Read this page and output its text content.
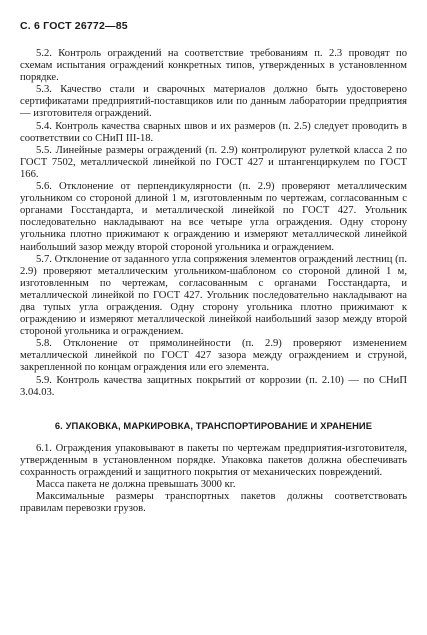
С. 6 ГОСТ 26772—85

5.2. Контроль ограждений на соответствие требованиям п. 2.3 проводят по схемам испытания ограждений конкретных типов, утвержденных в установленном порядке.

5.3. Качество стали и сварочных материалов должно быть удостоверено сертификатами предприятий-поставщиков или по данным лаборатории предприятия — изготовителя ограждений.

5.4. Контроль качества сварных швов и их размеров (п. 2.5) следует проводить в соответствии со СНиП III-18.

5.5. Линейные размеры ограждений (п. 2.9) контролируют рулеткой класса 2 по ГОСТ 7502, металлической линейкой по ГОСТ 427 и штангенциркулем по ГОСТ 166.

5.6. Отклонение от перпендикулярности (п. 2.9) проверяют металлическим угольником со стороной длиной 1 м, изготовленным по чертежам, согласованным с органами Госстандарта, и металлической линейкой по ГОСТ 427. Угольник последовательно накладывают на все четыре угла ограждения. Одну сторону угольника плотно прижимают к ограждению и измеряют металлической линейкой наибольший зазор между второй стороной угольника и ограждением.

5.7. Отклонение от заданного угла сопряжения элементов ограждений лестниц (п. 2.9) проверяют металлическим угольником-шаблоном со стороной длиной 1 м, изготовленным по чертежам, согласованным с органами Госстандарта, и металлической линейкой по ГОСТ 427. Угольник последовательно накладывают на два тупых угла ограждения. Одну сторону угольника плотно прижимают к ограждению и измеряют металлической линейкой наибольший зазор между второй стороной угольника и ограждением.

5.8. Отклонение от прямолинейности (п. 2.9) проверяют изменением металлической линейкой по ГОСТ 427 зазора между ограждением и струной, закрепленной по концам ограждения или его элемента.

5.9. Контроль качества защитных покрытий от коррозии (п. 2.10) — по СНиП 3.04.03.

6. УПАКОВКА, МАРКИРОВКА, ТРАНСПОРТИРОВАНИЕ И ХРАНЕНИЕ

6.1. Ограждения упаковывают в пакеты по чертежам предприятия-изготовителя, утвержденным в установленном порядке. Упаковка пакетов должна обеспечивать сохранность ограждений и защитного покрытия от механических повреждений.

Масса пакета не должна превышать 3000 кг.

Максимальные размеры транспортных пакетов должны соответствовать правилам перевозки грузов.
